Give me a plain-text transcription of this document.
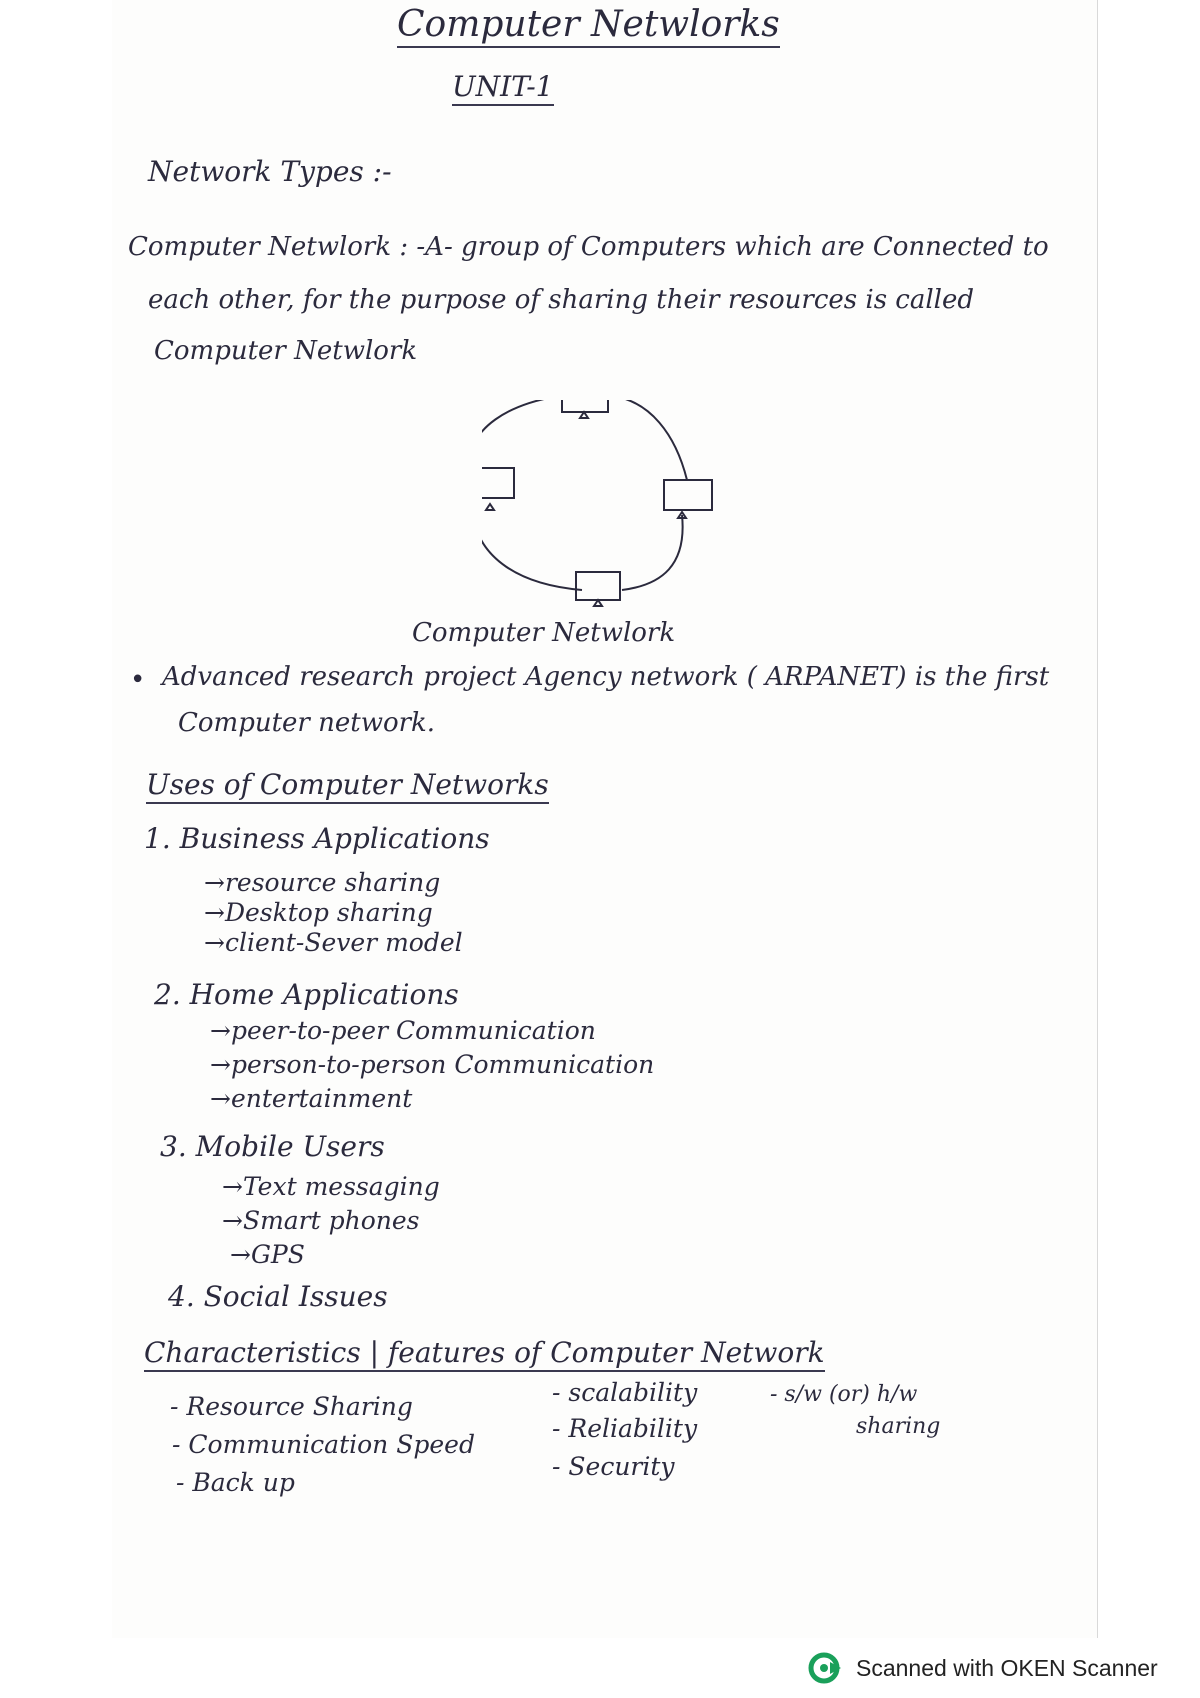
Computer Netwlorks
UNIT-1
Network Types :-
Computer Netwlork : -A- group of Computers which are Connected to
each other, for the purpose of sharing their resources is called
Computer Netwlork
Computer Netwlork
• Advanced research project Agency network ( ARPANET) is the first
Computer network.
Uses of Computer Networks
1. Business Applications
→resource sharing
→Desktop sharing
→client-Sever model
2. Home Applications
→peer-to-peer Communication
→person-to-person Communication
→entertainment
3. Mobile Users
→Text messaging
→Smart phones
→GPS
4. Social Issues
Characteristics | features of Computer Network
- Resource Sharing
- Communication Speed
- Back up
- scalability
- Reliability
- Security
- s/w (or) h/w
sharing
Scanned with OKEN Scanner
